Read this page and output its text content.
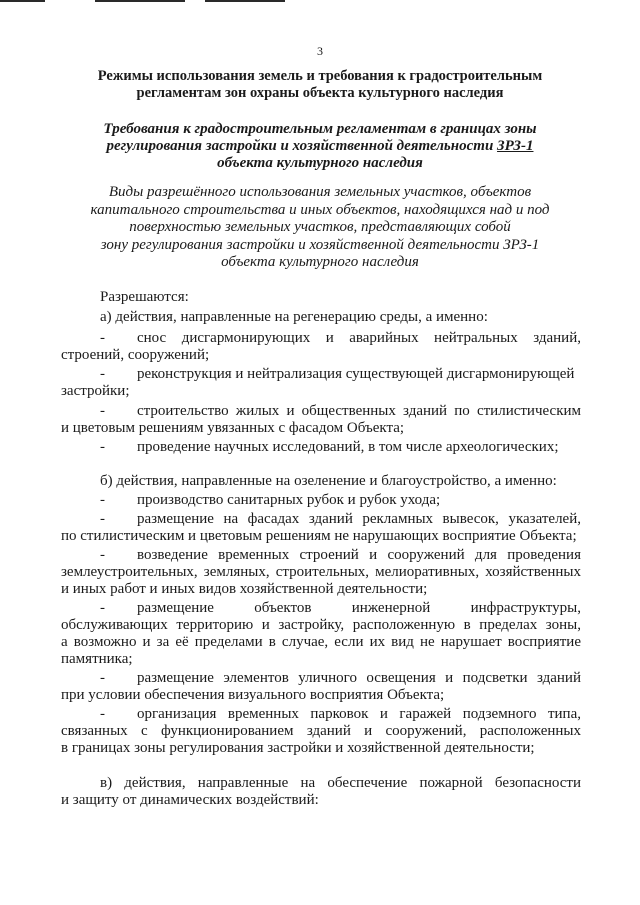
3
Режимы использования земель и требования к градостроительным
регламентам зон охраны объекта культурного наследия
Требования к градостроительным регламентам в границах зоны
регулирования застройки и хозяйственной деятельности ЗРЗ-1
объекта культурного наследия
Виды разрешённого использования земельных участков, объектов
капитального строительства и иных объектов, находящихся над и под
поверхностью земельных участков, представляющих собой
зону регулирования застройки и хозяйственной деятельности ЗРЗ-1
объекта культурного наследия
Разрешаются:
а) действия, направленные на регенерацию среды, а именно:
- снос дисгармонирующих и аварийных нейтральных зданий,
строений, сооружений;
- реконструкция и нейтрализация существующей дисгармонирующей
застройки;
- строительство жилых и общественных зданий по стилистическим
и цветовым решениям увязанных с фасадом Объекта;
- проведение научных исследований, в том числе археологических;
б) действия, направленные на озеленение и благоустройство, а именно:
- производство санитарных рубок и рубок ухода;
- размещение на фасадах зданий рекламных вывесок, указателей,
по стилистическим и цветовым решениям не нарушающих восприятие Объекта;
- возведение временных строений и сооружений для проведения
землеустроительных, земляных, строительных, мелиоративных, хозяйственных
и иных работ и иных видов хозяйственной деятельности;
- размещение объектов инженерной инфраструктуры,
обслуживающих территорию и застройку, расположенную в пределах зоны,
а возможно и за её пределами в случае, если их вид не нарушает восприятие
памятника;
- размещение элементов уличного освещения и подсветки зданий
при условии обеспечения визуального восприятия Объекта;
- организация временных парковок и гаражей подземного типа,
связанных с функционированием зданий и сооружений, расположенных
в границах зоны регулирования застройки и хозяйственной деятельности;
в) действия, направленные на обеспечение пожарной безопасности
и защиту от динамических воздействий:
